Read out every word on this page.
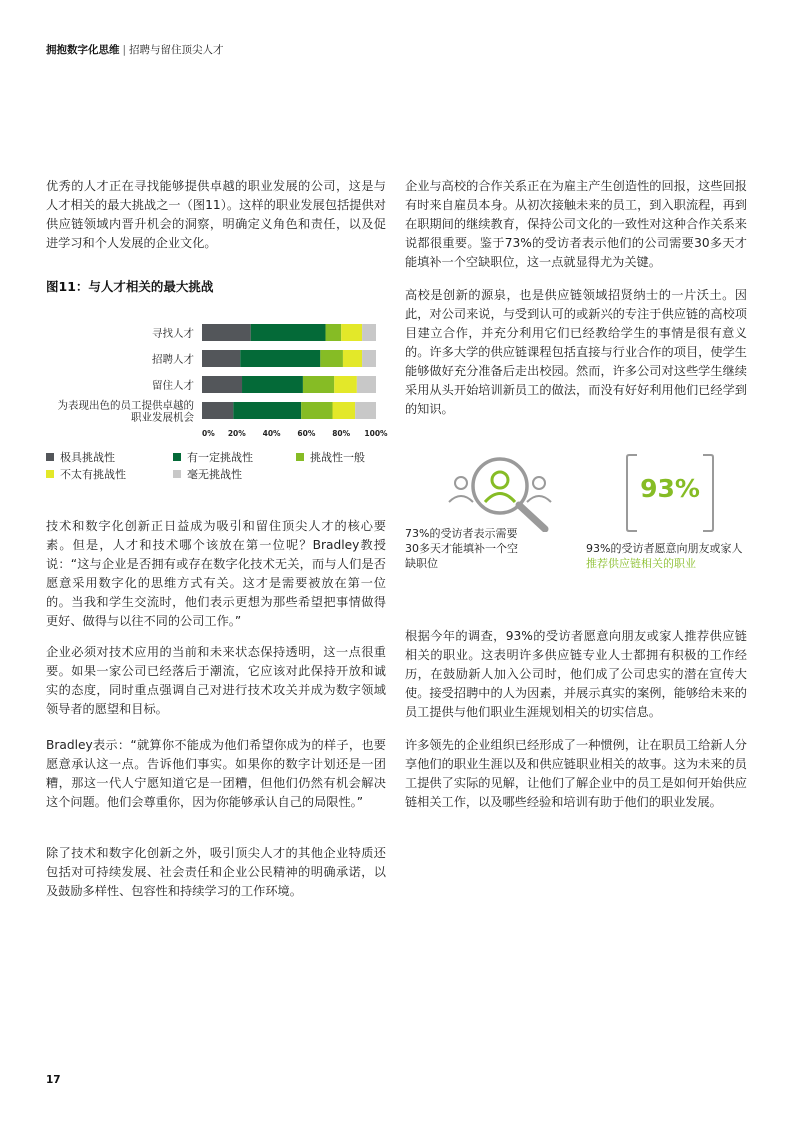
拥抱数字化思维 | 招聘与留住顶尖人才
优秀的人才正在寻找能够提供卓越的职业发展的公司，这是与人才相关的最大挑战之一（图11）。这样的职业发展包括提供对供应链领域内晋升机会的洞察，明确定义角色和责任，以及促进学习和个人发展的企业文化。
图11：与人才相关的最大挑战
寻找人才
招聘人才
留住人才
为表现出色的员工提供卓越的
职业发展机会
0% 20% 40% 60% 80% 100%
极具挑战性	有一定挑战性	挑战性一般
不太有挑战性	毫无挑战性
技术和数字化创新正日益成为吸引和留住顶尖人才的核心要素。但是，人才和技术哪个该放在第一位呢？Bradley教授说：“这与企业是否拥有或存在数字化技术无关，而与人们是否愿意采用数字化的思维方式有关。这才是需要被放在第一位的。当我和学生交流时，他们表示更想为那些希望把事情做得更好、做得与以往不同的公司工作。”
企业必须对技术应用的当前和未来状态保持透明，这一点很重要。如果一家公司已经落后于潮流，它应该对此保持开放和诚实的态度，同时重点强调自己对进行技术攻关并成为数字领域领导者的愿望和目标。
Bradley表示：“就算你不能成为他们希望你成为的样子，也要愿意承认这一点。告诉他们事实。如果你的数字计划还是一团糟，那这一代人宁愿知道它是一团糟，但他们仍然有机会解决这个问题。他们会尊重你，因为你能够承认自己的局限性。”
除了技术和数字化创新之外，吸引顶尖人才的其他企业特质还包括对可持续发展、社会责任和企业公民精神的明确承诺，以及鼓励多样性、包容性和持续学习的工作环境。
企业与高校的合作关系正在为雇主产生创造性的回报，这些回报有时来自雇员本身。从初次接触未来的员工，到入职流程，再到在职期间的继续教育，保持公司文化的一致性对这种合作关系来说都很重要。鉴于73%的受访者表示他们的公司需要30多天才能填补一个空缺职位，这一点就显得尤为关键。
高校是创新的源泉，也是供应链领域招贤纳士的一片沃土。因此，对公司来说，与受到认可的或新兴的专注于供应链的高校项目建立合作，并充分利用它们已经教给学生的事情是很有意义的。许多大学的供应链课程包括直接与行业合作的项目，使学生能够做好充分准备后走出校园。然而，许多公司对这些学生继续采用从头开始培训新员工的做法，而没有好好利用他们已经学到的知识。
73%的受访者表示需要30多天才能填补一个空缺职位
93%
93%的受访者愿意向朋友或家人
推荐供应链相关的职业
根据今年的调查，93%的受访者愿意向朋友或家人推荐供应链相关的职业。这表明许多供应链专业人士都拥有积极的工作经历，在鼓励新人加入公司时，他们成了公司忠实的潜在宣传大使。接受招聘中的人为因素，并展示真实的案例，能够给未来的员工提供与他们职业生涯规划相关的切实信息。
许多领先的企业组织已经形成了一种惯例，让在职员工给新人分享他们的职业生涯以及和供应链职业相关的故事。这为未来的员工提供了实际的见解，让他们了解企业中的员工是如何开始供应链相关工作，以及哪些经验和培训有助于他们的职业发展。
17
